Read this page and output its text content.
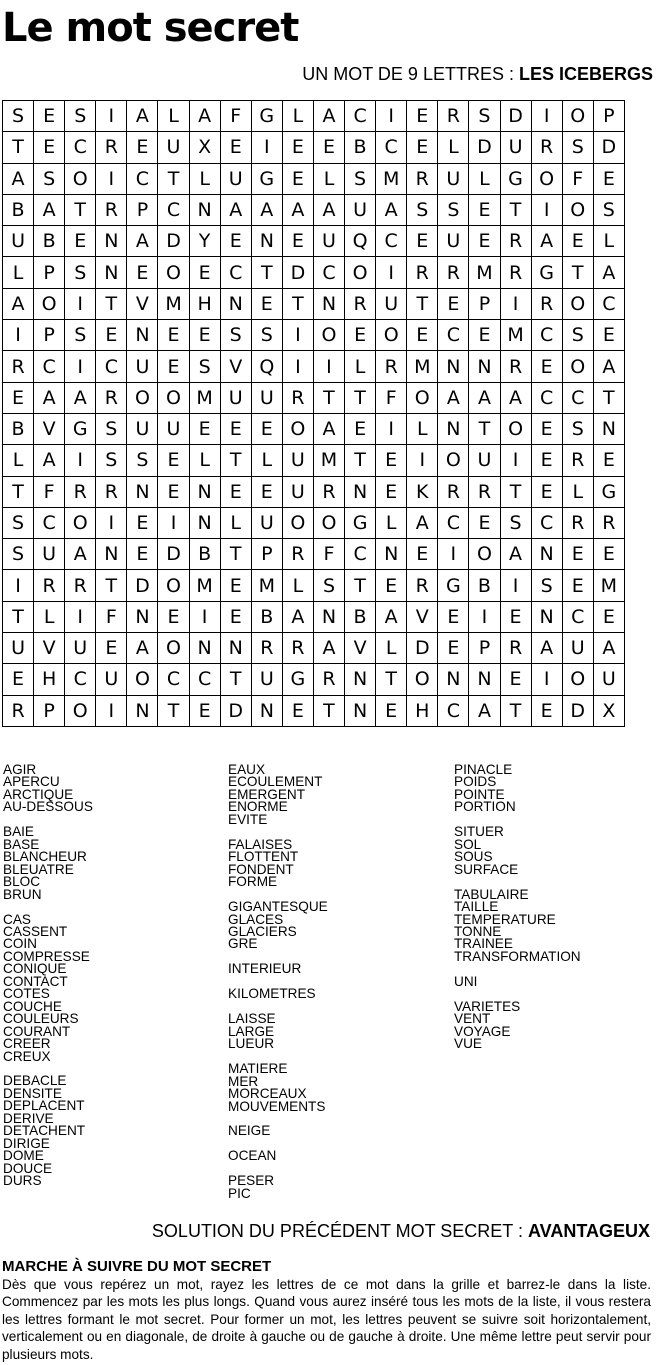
Le mot secret
UN MOT DE 9 LETTRES : LES ICEBERGS
S	E	S	I	A	L	A	F	G	L	A	C	I	E	R	S	D	I	O	P
T	E	C	R	E	U	X	E	I	E	E	B	C	E	L	D	U	R	S	D
A	S	O	I	C	T	L	U	G	E	L	S	M	R	U	L	G	O	F	E
B	A	T	R	P	C	N	A	A	A	A	U	A	S	S	E	T	I	O	S
U	B	E	N	A	D	Y	E	N	E	U	Q	C	E	U	E	R	A	E	L
L	P	S	N	E	O	E	C	T	D	C	O	I	R	R	M	R	G	T	A
A	O	I	T	V	M	H	N	E	T	N	R	U	T	E	P	I	R	O	C
I	P	S	E	N	E	E	S	S	I	O	E	O	E	C	E	M	C	S	E
R	C	I	C	U	E	S	V	Q	I	I	L	R	M	N	N	R	E	O	A
E	A	A	R	O	O	M	U	U	R	T	T	F	O	A	A	A	C	C	T
B	V	G	S	U	U	E	E	E	O	A	E	I	L	N	T	O	E	S	N
L	A	I	S	S	E	L	T	L	U	M	T	E	I	O	U	I	E	R	E
T	F	R	R	N	E	N	E	E	U	R	N	E	K	R	R	T	E	L	G
S	C	O	I	E	I	N	L	U	O	O	G	L	A	C	E	S	C	R	R
S	U	A	N	E	D	B	T	P	R	F	C	N	E	I	O	A	N	E	E
I	R	R	T	D	O	M	E	M	L	S	T	E	R	G	B	I	S	E	M
T	L	I	F	N	E	I	E	B	A	N	B	A	V	E	I	E	N	C	E
U	V	U	E	A	O	N	N	R	R	A	V	L	D	E	P	R	A	U	A
E	H	C	U	O	C	C	T	U	G	R	N	T	O	N	N	E	I	O	U
R	P	O	I	N	T	E	D	N	E	T	N	E	H	C	A	T	E	D	X
AGIR
APERCU
ARCTIQUE
AU-DESSOUS
BAIE
BASE
BLANCHEUR
BLEUATRE
BLOC
BRUN
CAS
CASSENT
COIN
COMPRESSE
CONIQUE
CONTACT
COTES
COUCHE
COULEURS
COURANT
CREER
CREUX
DEBACLE
DENSITE
DEPLACENT
DERIVE
DETACHENT
DIRIGE
DOME
DOUCE
DURS
EAUX
ECOULEMENT
EMERGENT
ENORME
EVITE
FALAISES
FLOTTENT
FONDENT
FORME
GIGANTESQUE
GLACES
GLACIERS
GRE
INTERIEUR
KILOMETRES
LAISSE
LARGE
LUEUR
MATIERE
MER
MORCEAUX
MOUVEMENTS
NEIGE
OCEAN
PESER
PIC
PINACLE
POIDS
POINTE
PORTION
SITUER
SOL
SOUS
SURFACE
TABULAIRE
TAILLE
TEMPERATURE
TONNE
TRAINEE
TRANSFORMATION
UNI
VARIETES
VENT
VOYAGE
VUE
SOLUTION DU PRÉCÉDENT MOT SECRET : AVANTAGEUX
MARCHE À SUIVRE DU MOT SECRET
Dès que vous repérez un mot, rayez les lettres de ce mot dans la grille et barrez-le dans la liste. Commencez par les mots les plus longs. Quand vous aurez inséré tous les mots de la liste, il vous restera les lettres formant le mot secret. Pour former un mot, les lettres peuvent se suivre soit horizontalement, verticalement ou en diagonale, de droite à gauche ou de gauche à droite. Une même lettre peut servir pour plusieurs mots.
